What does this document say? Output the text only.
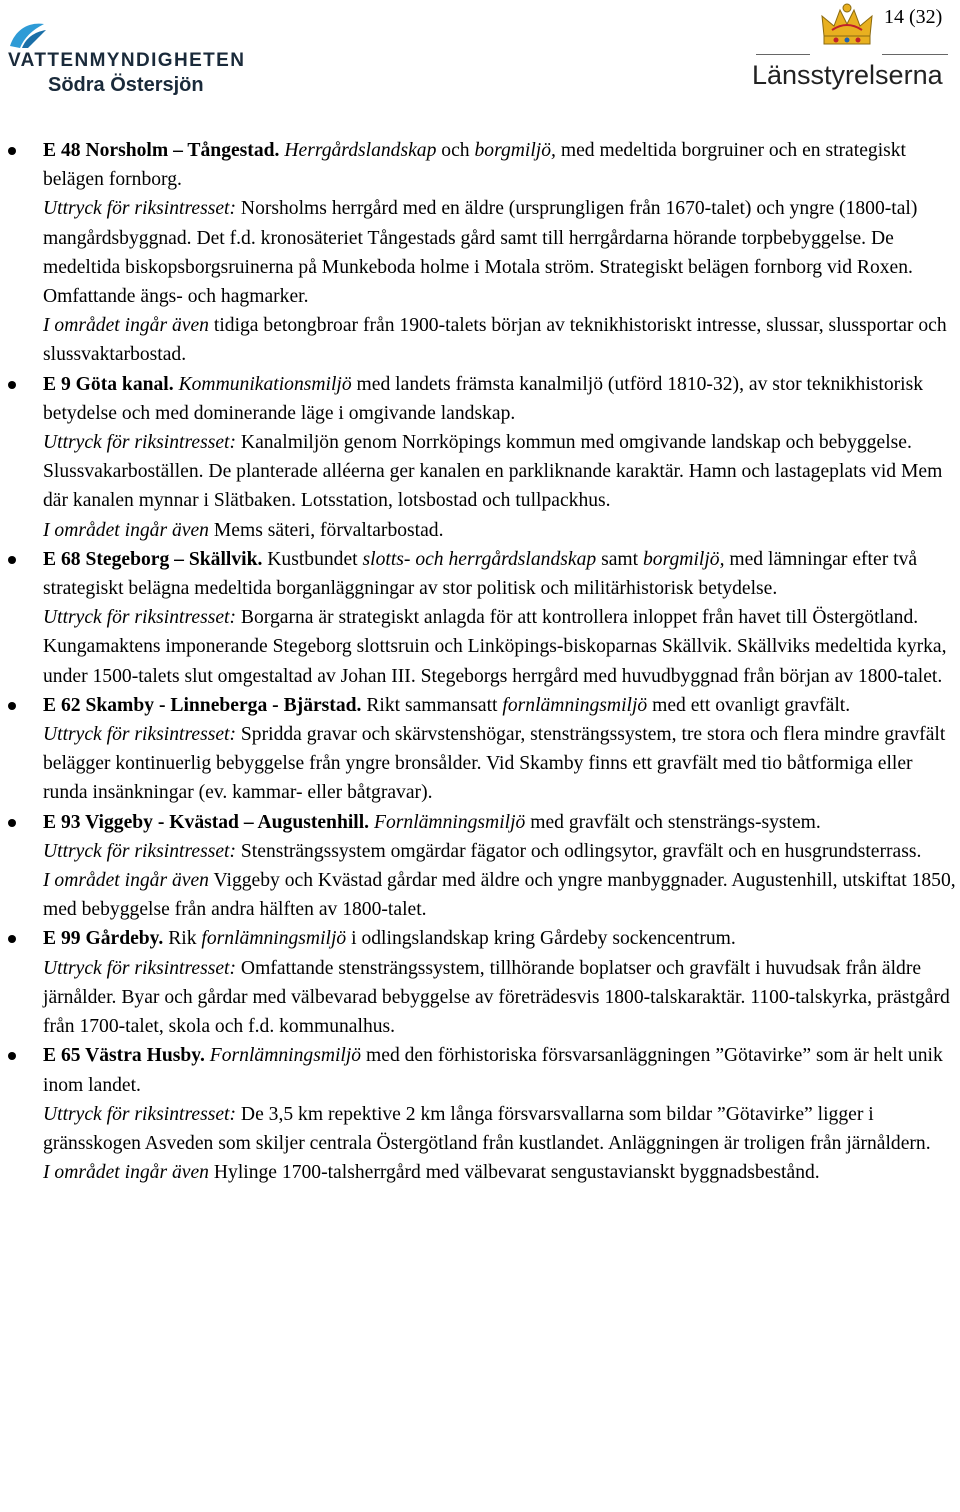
VATTENMYNDIGHETEN
Södra Östersjön
14 (32)
Länsstyrelserna

E 48 Norsholm – Tångestad. Herrgårdslandskap och borgmiljö, med medeltida borgruiner och en strategiskt belägen fornborg.

Uttryck för riksintresset: Norsholms herrgård med en äldre (ursprungligen från 1670-talet) och yngre (1800-tal) mangårdsbyggnad. Det f.d. kronosäteriet Tångestads gård samt till herrgårdarna hörande torpbebyggelse. De medeltida biskopsborgsruinerna på Munkeboda holme i Motala ström. Strategiskt belägen fornborg vid Roxen. Omfattande ängs- och hagmarker.

I området ingår även tidiga betongbroar från 1900-talets början av teknikhistoriskt intresse, slussar, slussportar och slussvaktarbostad.

E 9 Göta kanal. Kommunikationsmiljö med landets främsta kanalmiljö (utförd 1810-32), av stor teknikhistorisk betydelse och med dominerande läge i omgivande landskap.

Uttryck för riksintresset: Kanalmiljön genom Norrköpings kommun med omgivande landskap och bebyggelse. Slussvakarboställen. De planterade alléerna ger kanalen en parkliknande karaktär. Hamn och lastageplats vid Mem där kanalen mynnar i Slätbaken. Lotsstation, lotsbostad och tullpackhus.

I området ingår även Mems säteri, förvaltarbostad.

E 68 Stegeborg – Skällvik. Kustbundet slotts- och herrgårdslandskap samt borgmiljö, med lämningar efter två strategiskt belägna medeltida borganläggningar av stor politisk och militärhistorisk betydelse.

Uttryck för riksintresset: Borgarna är strategiskt anlagda för att kontrollera inloppet från havet till Östergötland. Kungamaktens imponerande Stegeborg slottsruin och Linköpings-biskoparnas Skällvik. Skällviks medeltida kyrka, under 1500-talets slut omgestaltad av Johan III. Stegeborgs herrgård med huvudbyggnad från början av 1800-talet.

E 62 Skamby - Linneberga - Bjärstad. Rikt sammansatt fornlämningsmiljö med ett ovanligt gravfält.

Uttryck för riksintresset: Spridda gravar och skärvstenshögar, stensträngssystem, tre stora och flera mindre gravfält belägger kontinuerlig bebyggelse från yngre bronsålder. Vid Skamby finns ett gravfält med tio båtformiga eller runda insänkningar (ev. kammar- eller båtgravar).

E 93 Viggeby - Kvästad – Augustenhill. Fornlämningsmiljö med gravfält och stensträngs-system.

Uttryck för riksintresset: Stensträngssystem omgärdar fägator och odlingsytor, gravfält och en husgrundsterrass.

I området ingår även Viggeby och Kvästad gårdar med äldre och yngre manbyggnader. Augustenhill, utskiftat 1850, med bebyggelse från andra hälften av 1800-talet.

E 99 Gårdeby. Rik fornlämningsmiljö i odlingslandskap kring Gårdeby sockencentrum.

Uttryck för riksintresset: Omfattande stensträngssystem, tillhörande boplatser och gravfält i huvudsak från äldre järnålder. Byar och gårdar med välbevarad bebyggelse av företrädesvis 1800-talskaraktär. 1100-talskyrka, prästgård från 1700-talet, skola och f.d. kommunalhus.

E 65 Västra Husby. Fornlämningsmiljö med den förhistoriska försvarsanläggningen ”Götavirke” som är helt unik inom landet.

Uttryck för riksintresset: De 3,5 km repektive 2 km långa försvarsvallarna som bildar ”Götavirke” ligger i gränsskogen Asveden som skiljer centrala Östergötland från kustlandet. Anläggningen är troligen från järnåldern.

I området ingår även Hylinge 1700-talsherrgård med välbevarat sengustavianskt byggnadsbestånd.
